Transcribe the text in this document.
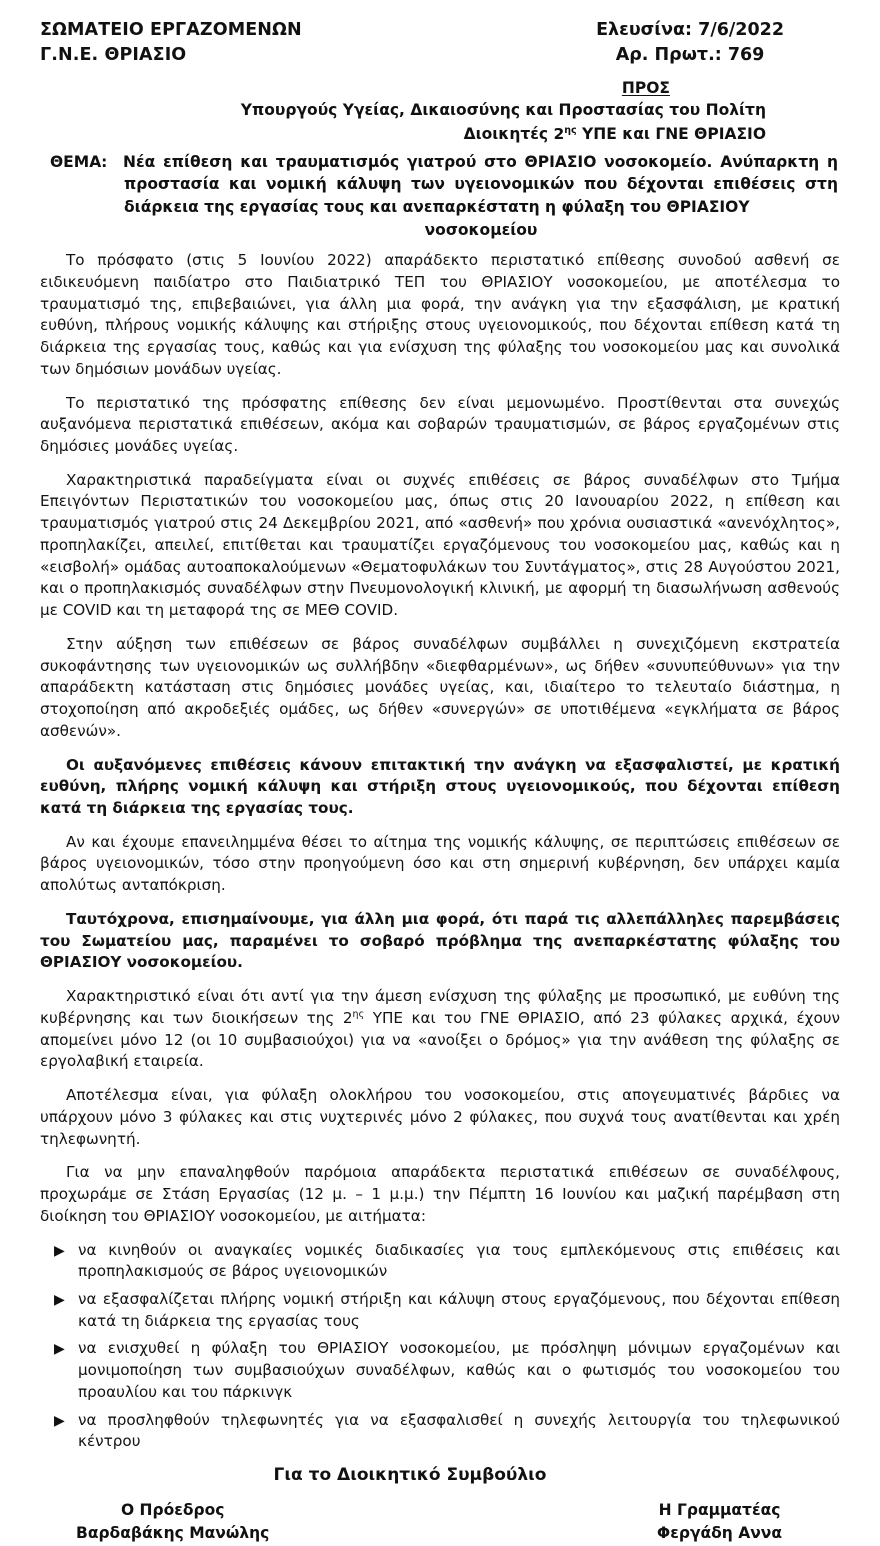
ΣΩΜΑΤΕΙΟ ΕΡΓΑΖΟΜΕΝΩΝ
Γ.Ν.Ε. ΘΡΙΑΣΙΟ
Ελευσίνα: 7/6/2022
Αρ. Πρωτ.: 769
ΠΡΟΣ
Υπουργούς Υγείας, Δικαιοσύνης και Προστασίας του Πολίτη
Διοικητές $2^{\eta\varsigma}$ ΥΠΕ και ΓΝΕ ΘΡΙΑΣΙΟ
ΘΕΜΑ: Νέα επίθεση και τραυματισμός γιατρού στο ΘΡΙΑΣΙΟ νοσοκομείο. Ανύπαρκτη η
προστασία και νομική κάλυψη των υγειονομικών που δέχονται επιθέσεις στη
διάρκεια της εργασίας τους και ανεπαρκέστατη η φύλαξη του ΘΡΙΑΣΙΟΥ νοσοκομείου

Το πρόσφατο (στις 5 Ιουνίου 2022) απαράδεκτο περιστατικό επίθεσης συνοδού ασθενή σε ειδικευόμενη παιδίατρο στο Παιδιατρικό ΤΕΠ του ΘΡΙΑΣΙΟΥ νοσοκομείου, με αποτέλεσμα το τραυματισμό της, επιβεβαιώνει, για άλλη μια φορά, την ανάγκη για την εξασφάλιση, με κρατική ευθύνη, πλήρους νομικής κάλυψης και στήριξης στους υγειονομικούς, που δέχονται επίθεση κατά τη διάρκεια της εργασίας τους, καθώς και για ενίσχυση της φύλαξης του νοσοκομείου μας και συνολικά των δημόσιων μονάδων υγείας.

Το περιστατικό της πρόσφατης επίθεσης δεν είναι μεμονωμένο. Προστίθενται στα συνεχώς αυξανόμενα περιστατικά επιθέσεων, ακόμα και σοβαρών τραυματισμών, σε βάρος εργαζομένων στις δημόσιες μονάδες υγείας.

Χαρακτηριστικά παραδείγματα είναι οι συχνές επιθέσεις σε βάρος συναδέλφων στο Τμήμα Επειγόντων Περιστατικών του νοσοκομείου μας, όπως στις 20 Ιανουαρίου 2022, η επίθεση και τραυματισμός γιατρού στις 24 Δεκεμβρίου 2021, από «ασθενή» που χρόνια ουσιαστικά «ανενόχλητος», προπηλακίζει, απειλεί, επιτίθεται και τραυματίζει εργαζόμενους του νοσοκομείου μας, καθώς και η «εισβολή» ομάδας αυτοαποκαλούμενων «Θεματοφυλάκων του Συντάγματος», στις 28 Αυγούστου 2021, και ο προπηλακισμός συναδέλφων στην Πνευμονολογική κλινική, με αφορμή τη διασωλήνωση ασθενούς με COVID και τη μεταφορά της σε ΜΕΘ COVID.

Στην αύξηση των επιθέσεων σε βάρος συναδέλφων συμβάλλει η συνεχιζόμενη εκστρατεία συκοφάντησης των υγειονομικών ως συλλήβδην «διεφθαρμένων», ως δήθεν «συνυπεύθυνων» για την απαράδεκτη κατάσταση στις δημόσιες μονάδες υγείας, και, ιδιαίτερο το τελευταίο διάστημα, η στοχοποίηση από ακροδεξιές ομάδες, ως δήθεν «συνεργών» σε υποτιθέμενα «εγκλήματα σε βάρος ασθενών».

Οι αυξανόμενες επιθέσεις κάνουν επιτακτική την ανάγκη να εξασφαλιστεί, με κρατική ευθύνη, πλήρης νομική κάλυψη και στήριξη στους υγειονομικούς, που δέχονται επίθεση κατά τη διάρκεια της εργασίας τους.

Αν και έχουμε επανειλημμένα θέσει το αίτημα της νομικής κάλυψης, σε περιπτώσεις επιθέσεων σε βάρος υγειονομικών, τόσο στην προηγούμενη όσο και στη σημερινή κυβέρνηση, δεν υπάρχει καμία απολύτως ανταπόκριση.

Ταυτόχρονα, επισημαίνουμε, για άλλη μια φορά, ότι παρά τις αλλεπάλληλες παρεμβάσεις του Σωματείου μας, παραμένει το σοβαρό πρόβλημα της ανεπαρκέστατης φύλαξης του ΘΡΙΑΣΙΟΥ νοσοκομείου.

Χαρακτηριστικό είναι ότι αντί για την άμεση ενίσχυση της φύλαξης με προσωπικό, με ευθύνη της κυβέρνησης και των διοικήσεων της $2^{\eta\varsigma}$ ΥΠΕ και του ΓΝΕ ΘΡΙΑΣΙΟ, από 23 φύλακες αρχικά, έχουν απομείνει μόνο 12 (οι 10 συμβασιούχοι) για να «ανοίξει ο δρόμος» για την ανάθεση της φύλαξης σε εργολαβική εταιρεία.

Αποτέλεσμα είναι, για φύλαξη ολοκλήρου του νοσοκομείου, στις απογευματινές βάρδιες να υπάρχουν μόνο 3 φύλακες και στις νυχτερινές μόνο 2 φύλακες, που συχνά τους ανατίθενται και χρέη τηλεφωνητή.

Για να μην επαναληφθούν παρόμοια απαράδεκτα περιστατικά επιθέσεων σε συναδέλφους, προχωράμε σε Στάση Εργασίας (12 μ. – 1 μ.μ.) την Πέμπτη 16 Ιουνίου και μαζική παρέμβαση στη διοίκηση του ΘΡΙΑΣΙΟΥ νοσοκομείου, με αιτήματα:

▶ να κινηθούν οι αναγκαίες νομικές διαδικασίες για τους εμπλεκόμενους στις επιθέσεις και προπηλακισμούς σε βάρος υγειονομικών
▶ να εξασφαλίζεται πλήρης νομική στήριξη και κάλυψη στους εργαζόμενους, που δέχονται επίθεση κατά τη διάρκεια της εργασίας τους
▶ να ενισχυθεί η φύλαξη του ΘΡΙΑΣΙΟΥ νοσοκομείου, με πρόσληψη μόνιμων εργαζομένων και μονιμοποίηση των συμβασιούχων συναδέλφων, καθώς και ο φωτισμός του νοσοκομείου του προαυλίου και του πάρκινγκ
▶ να προσληφθούν τηλεφωνητές για να εξασφαλισθεί η συνεχής λειτουργία του τηλεφωνικού κέντρου
Για το Διοικητικό Συμβούλιο
Ο Πρόεδρος
Βαρδαβάκης Μανώλης
Η Γραμματέας
Φεργάδη Αννα
